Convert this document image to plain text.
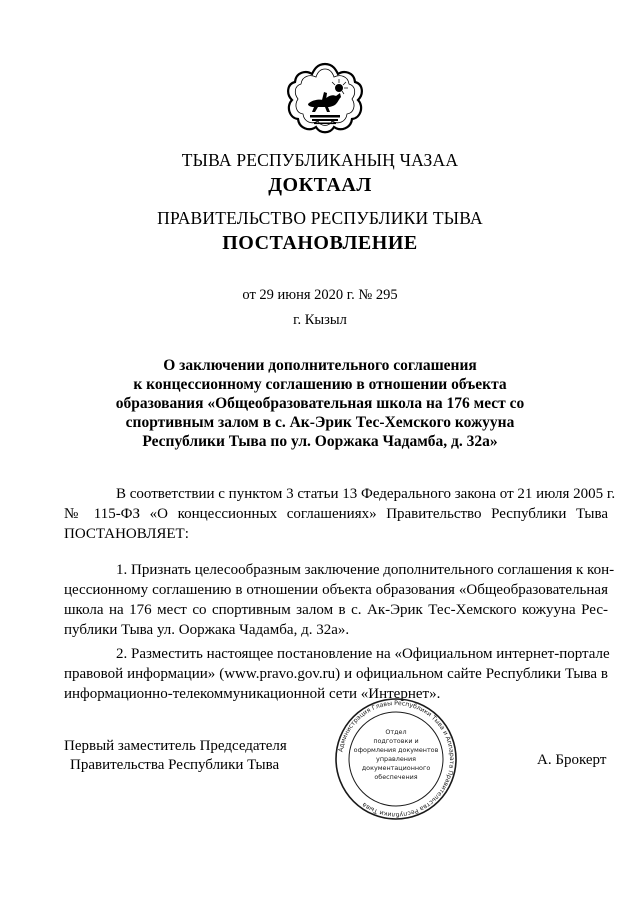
ТЫВА РЕСПУБЛИКАНЫҢ ЧАЗАА
ДОКТААЛ
ПРАВИТЕЛЬСТВО РЕСПУБЛИКИ ТЫВА
ПОСТАНОВЛЕНИЕ
от 29 июня 2020 г. № 295
г. Кызыл
О заключении дополнительного соглашения
к концессионному соглашению в отношении объекта
образования «Общеобразовательная школа на 176 мест со
спортивным залом в с. Ак-Эрик Тес-Хемского кожууна
Республики Тыва по ул. Ооржака Чадамба, д. 32а»
В соответствии с пунктом 3 статьи 13 Федерального закона от 21 июля 2005 г.
№ 115-ФЗ «О концессионных соглашениях» Правительство Республики Тыва
ПОСТАНОВЛЯЕТ:
1. Признать целесообразным заключение дополнительного соглашения к кон-
цессионному соглашению в отношении объекта образования «Общеобразовательная
школа на 176 мест со спортивным залом в с. Ак-Эрик Тес-Хемского кожууна Рес-
публики Тыва ул. Ооржака Чадамба, д. 32а».
2. Разместить настоящее постановление на «Официальном интернет-портале
правовой информации» (www.pravo.gov.ru) и официальном сайте Республики Тыва в
информационно-телекоммуникационной сети «Интернет».
Первый заместитель Председателя
Правительства Республики Тыва	А. Брокерт
Администрация Главы Республики Тыва и Аппарата Правительства Республики Тыва
Отдел
подготовки и
оформления документов
управления
документационного
обеспечения
